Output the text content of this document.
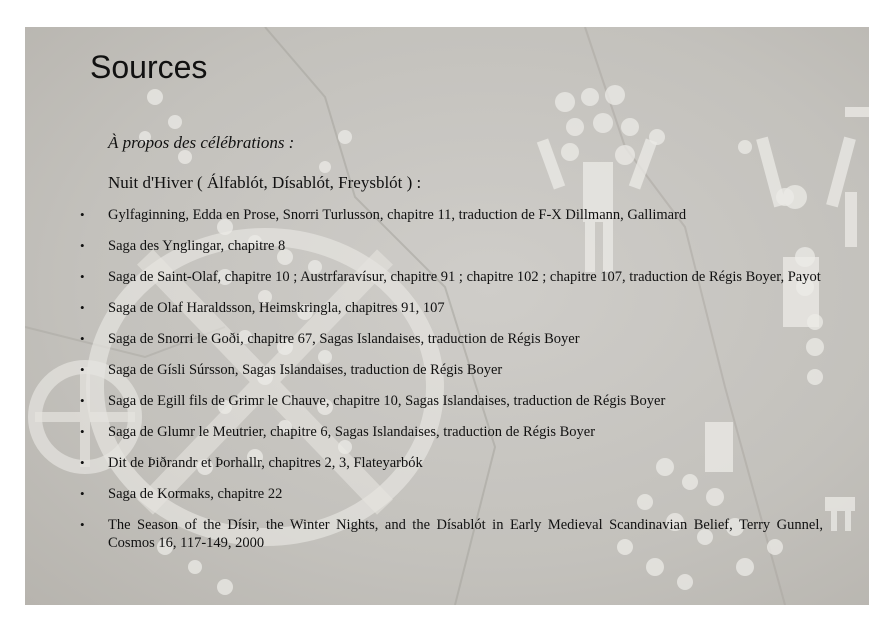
Sources

À propos des célébrations :

Nuit d'Hiver ( Álfablót, Dísablót, Freysblót ) :

• Gylfaginning, Edda en Prose, Snorri Turlusson, chapitre 11, traduction de F-X Dillmann, Gallimard
• Saga des Ynglingar, chapitre 8
• Saga de Saint-Olaf, chapitre 10 ; Austrfaravísur, chapitre 91 ; chapitre 102 ; chapitre 107, traduction de Régis Boyer, Payot
• Saga de Olaf Haraldsson, Heimskringla, chapitres 91, 107
• Saga de Snorri le Goði, chapitre 67, Sagas Islandaises, traduction de Régis Boyer
• Saga de Gísli Súrsson, Sagas Islandaises, traduction de Régis Boyer
• Saga de Egill fils de Grimr le Chauve, chapitre 10, Sagas Islandaises, traduction de Régis Boyer
• Saga de Glumr le Meutrier, chapitre 6, Sagas Islandaises, traduction de Régis Boyer
• Dit de Þiðrandr et Þorhallr, chapitres 2, 3, Flateyarbók
• Saga de Kormaks, chapitre 22
• The Season of the Dísir, the Winter Nights, and the Dísablót in Early Medieval Scandinavian Belief, Terry Gunnel, Cosmos 16, 117-149, 2000
